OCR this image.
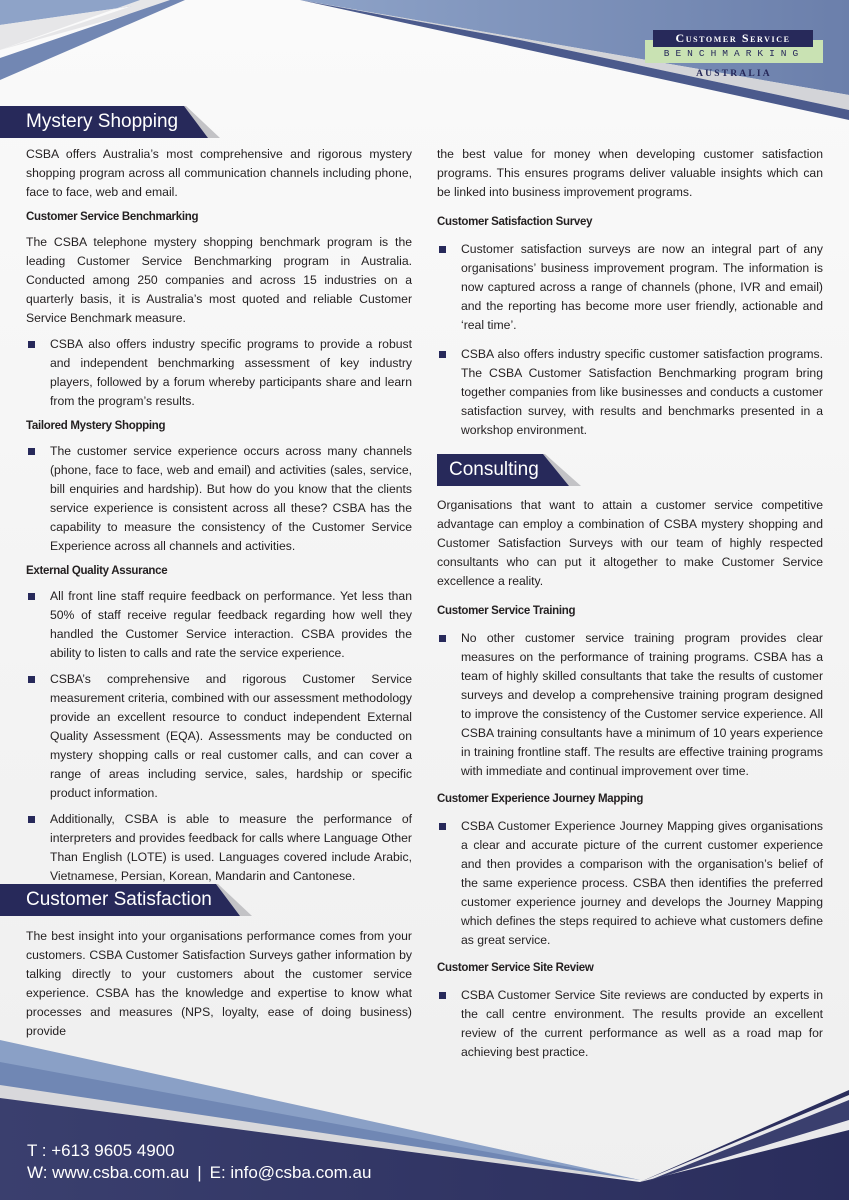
Customer Service
BENCHMARKING
AUSTRALIA
Mystery Shopping

CSBA offers Australia’s most comprehensive and rigorous mystery shopping program across all communication channels including phone, face to face, web and email.

Customer Service Benchmarking

The CSBA telephone mystery shopping benchmark program is the leading Customer Service Benchmarking program in Australia. Conducted among 250 companies and across 15 industries on a quarterly basis, it is Australia’s most quoted and reliable Customer Service Benchmark measure.

CSBA also offers industry specific programs to provide a robust and independent benchmarking assessment of key industry players, followed by a forum whereby participants share and learn from the program’s results.

Tailored Mystery Shopping

The customer service experience occurs across many channels (phone, face to face, web and email) and activities (sales, service, bill enquiries and hardship). But how do you know that the clients service experience is consistent across all these? CSBA has the capability to measure the consistency of the Customer Service Experience across all channels and activities.

External Quality Assurance

All front line staff require feedback on performance. Yet less than 50% of staff receive regular feedback regarding how well they handled the Customer Service interaction. CSBA provides the ability to listen to calls and rate the service experience.

CSBA’s comprehensive and rigorous Customer Service measurement criteria, combined with our assessment methodology provide an excellent resource to conduct independent External Quality Assessment (EQA). Assessments may be conducted on mystery shopping calls or real customer calls, and can cover a range of areas including service, sales, hardship or specific product information.

Additionally, CSBA is able to measure the performance of interpreters and provides feedback for calls where Language Other Than English (LOTE) is used. Languages covered include Arabic, Vietnamese, Persian, Korean, Mandarin and Cantonese.

Customer Satisfaction

The best insight into your organisations performance comes from your customers. CSBA Customer Satisfaction Surveys gather information by talking directly to your customers about the customer service experience. CSBA has the knowledge and expertise to know what processes and measures (NPS, loyalty, ease of doing business) provide

the best value for money when developing customer satisfaction programs. This ensures programs deliver valuable insights which can be linked into business improvement programs.

Customer Satisfaction Survey

Customer satisfaction surveys are now an integral part of any organisations’ business improvement program. The information is now captured across a range of channels (phone, IVR and email) and the reporting has become more user friendly, actionable and ‘real time’.

CSBA also offers industry specific customer satisfaction programs. The CSBA Customer Satisfaction Benchmarking program bring together companies from like businesses and conducts a customer satisfaction survey, with results and benchmarks presented in a workshop environment.

Consulting

Organisations that want to attain a customer service competitive advantage can employ a combination of CSBA mystery shopping and Customer Satisfaction Surveys with our team of highly respected consultants who can put it altogether to make Customer Service excellence a reality.

Customer Service Training

No other customer service training program provides clear measures on the performance of training programs. CSBA has a team of highly skilled consultants that take the results of customer surveys and develop a comprehensive training program designed to improve the consistency of the Customer service experience. All CSBA training consultants have a minimum of 10 years experience in training frontline staff. The results are effective training programs with immediate and continual improvement over time.

Customer Experience Journey Mapping

CSBA Customer Experience Journey Mapping gives organisations a clear and accurate picture of the current customer experience and then provides a comparison with the organisation’s belief of the same experience process. CSBA then identifies the preferred customer experience journey and develops the Journey Mapping which defines the steps required to achieve what customers define as great service.

Customer Service Site Review

CSBA Customer Service Site reviews are conducted by experts in the call centre environment. The results provide an excellent review of the current performance as well as a road map for achieving best practice.

T : +613 9605 4900
W: www.csba.com.au | E: info@csba.com.au
